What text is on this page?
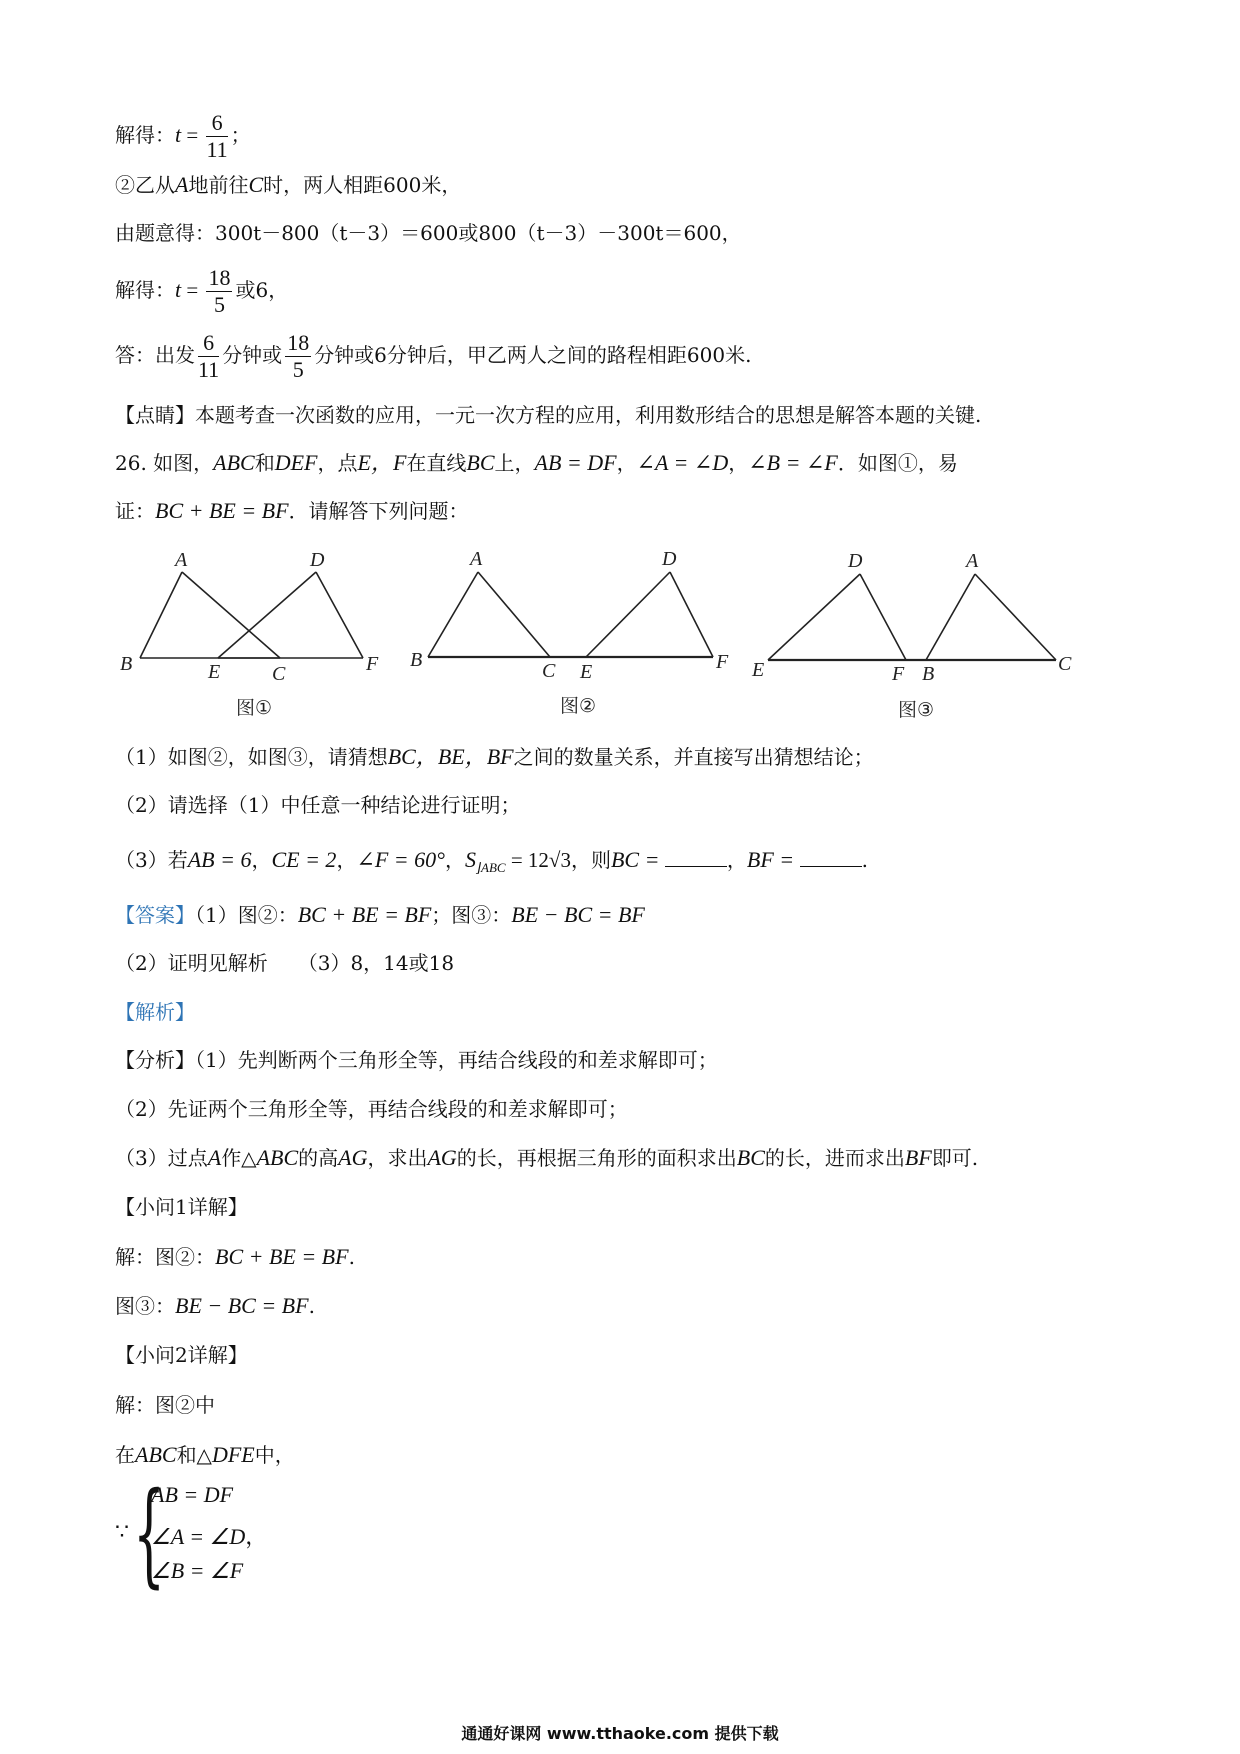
解得：$t = \frac{6}{11}$ ；
②乙从A地前往C时，两人相距600米，
由题意得：300t－800（t－3）＝600或800（t－3）－300t＝600，
解得：$t = \frac{18}{5}$ 或6，
答：出发 $\frac{6}{11}$ 分钟或 $\frac{18}{5}$ 分钟或6分钟后，甲乙两人之间的路程相距600米.
【点睛】本题考查一次函数的应用，一元一次方程的应用，利用数形结合的思想是解答本题的关键.
26. 如图，ABC和DEF，点E，F在直线BC上，AB = DF，∠A = ∠D，∠B = ∠F．如图①，易
证：BC + BE = BF．请解答下列问题：
A	D
B	E	C	F
图①
A	D
B	C E	F
图②
D	A
E	F B	C
图③
（1）如图②，如图③，请猜想BC，BE，BF之间的数量关系，并直接写出猜想结论；
（2）请选择（1）中任意一种结论进行证明；
（3）若AB = 6，CE = 2，∠F = 60°，$S_{⌋ABC} = 12√3$，则BC =	，BF =	.
【答案】（1）图②：BC + BE = BF；图③：BE − BC = BF
（2）证明见解析　　（3）8，14或18
【解析】
【分析】（1）先判断两个三角形全等，再结合线段的和差求解即可；
（2）先证两个三角形全等，再结合线段的和差求解即可；
（3）过点A作△ABC的高AG，求出AG的长，再根据三角形的面积求出BC的长，进而求出BF即可.
【小问1详解】
解：图②：BC + BE = BF.
图③：BE − BC = BF.
【小问2详解】
解：图②中
在ABC和△DFE中，
∵ {
AB = DF
∠A = ∠D，
∠B = ∠F
通通好课网 www.tthaoke.com 提供下载
